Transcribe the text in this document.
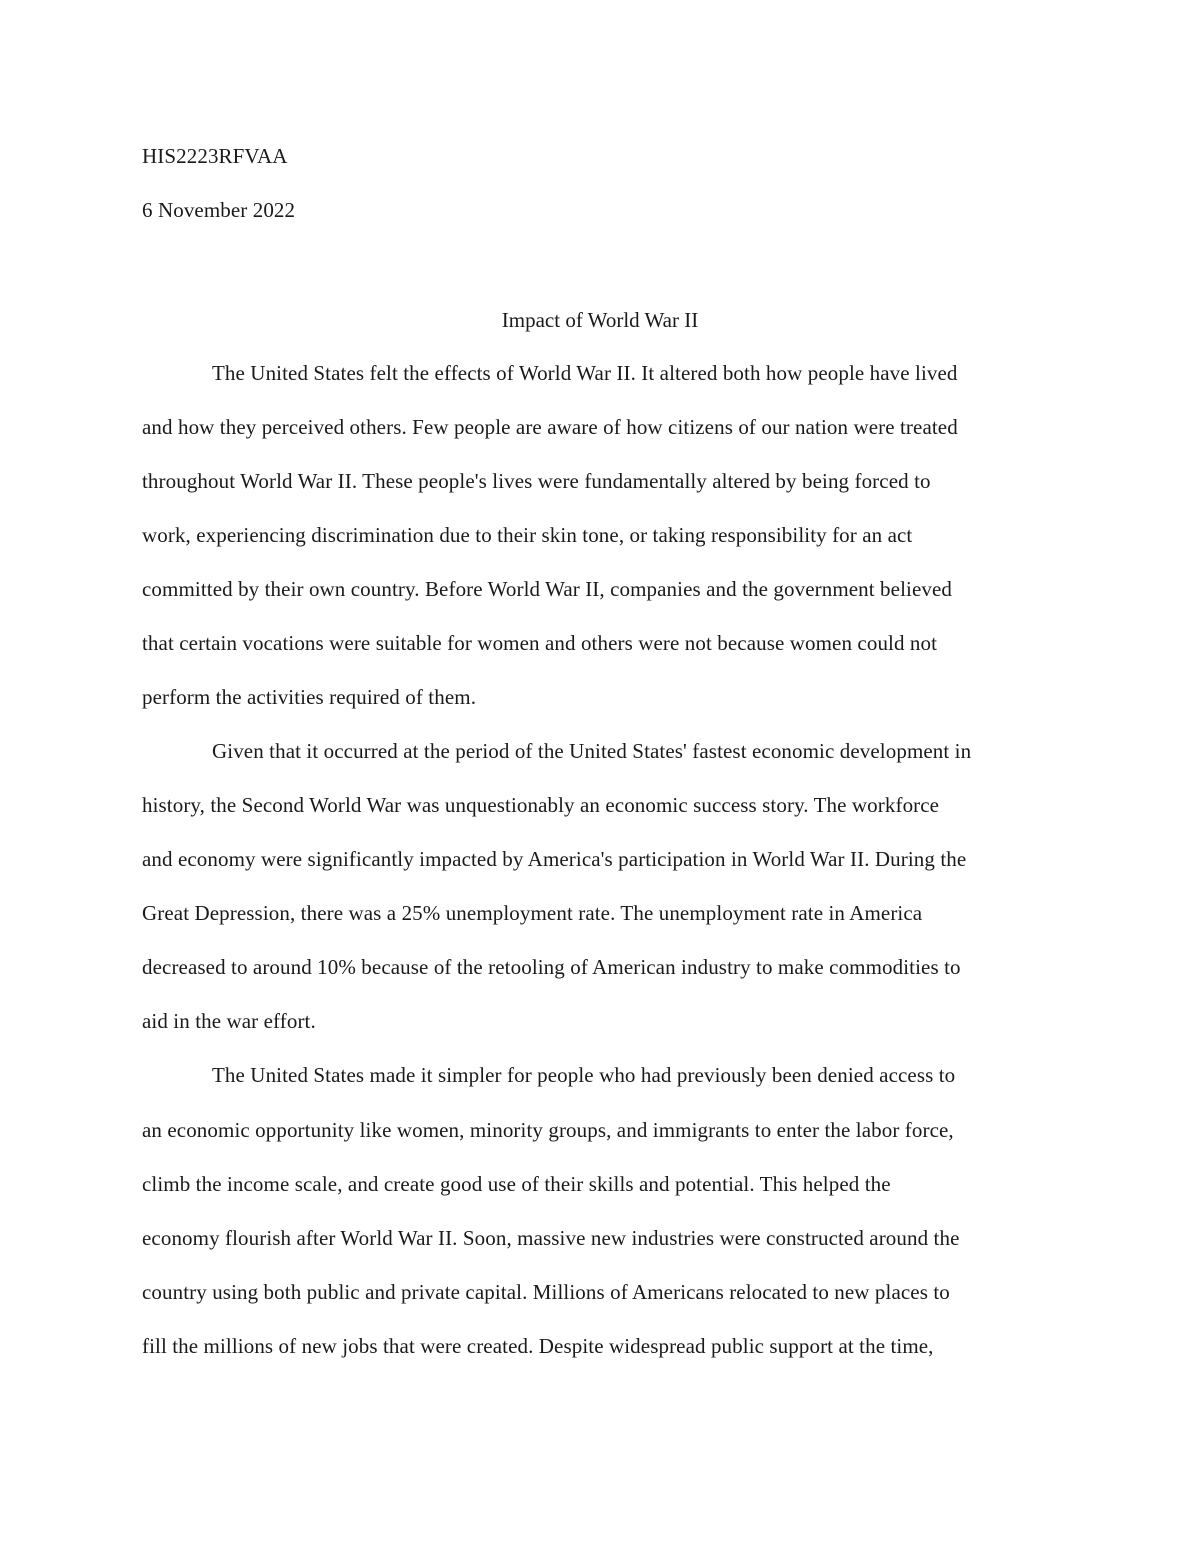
HIS2223RFVAA
6 November 2022
Impact of World War II
The United States felt the effects of World War II. It altered both how people have lived
and how they perceived others. Few people are aware of how citizens of our nation were treated
throughout World War II. These people's lives were fundamentally altered by being forced to
work, experiencing discrimination due to their skin tone, or taking responsibility for an act
committed by their own country. Before World War II, companies and the government believed
that certain vocations were suitable for women and others were not because women could not
perform the activities required of them.
Given that it occurred at the period of the United States' fastest economic development in
history, the Second World War was unquestionably an economic success story. The workforce
and economy were significantly impacted by America's participation in World War II. During the
Great Depression, there was a 25% unemployment rate. The unemployment rate in America
decreased to around 10% because of the retooling of American industry to make commodities to
aid in the war effort.
The United States made it simpler for people who had previously been denied access to
an economic opportunity like women, minority groups, and immigrants to enter the labor force,
climb the income scale, and create good use of their skills and potential. This helped the
economy flourish after World War II. Soon, massive new industries were constructed around the
country using both public and private capital. Millions of Americans relocated to new places to
fill the millions of new jobs that were created. Despite widespread public support at the time,
